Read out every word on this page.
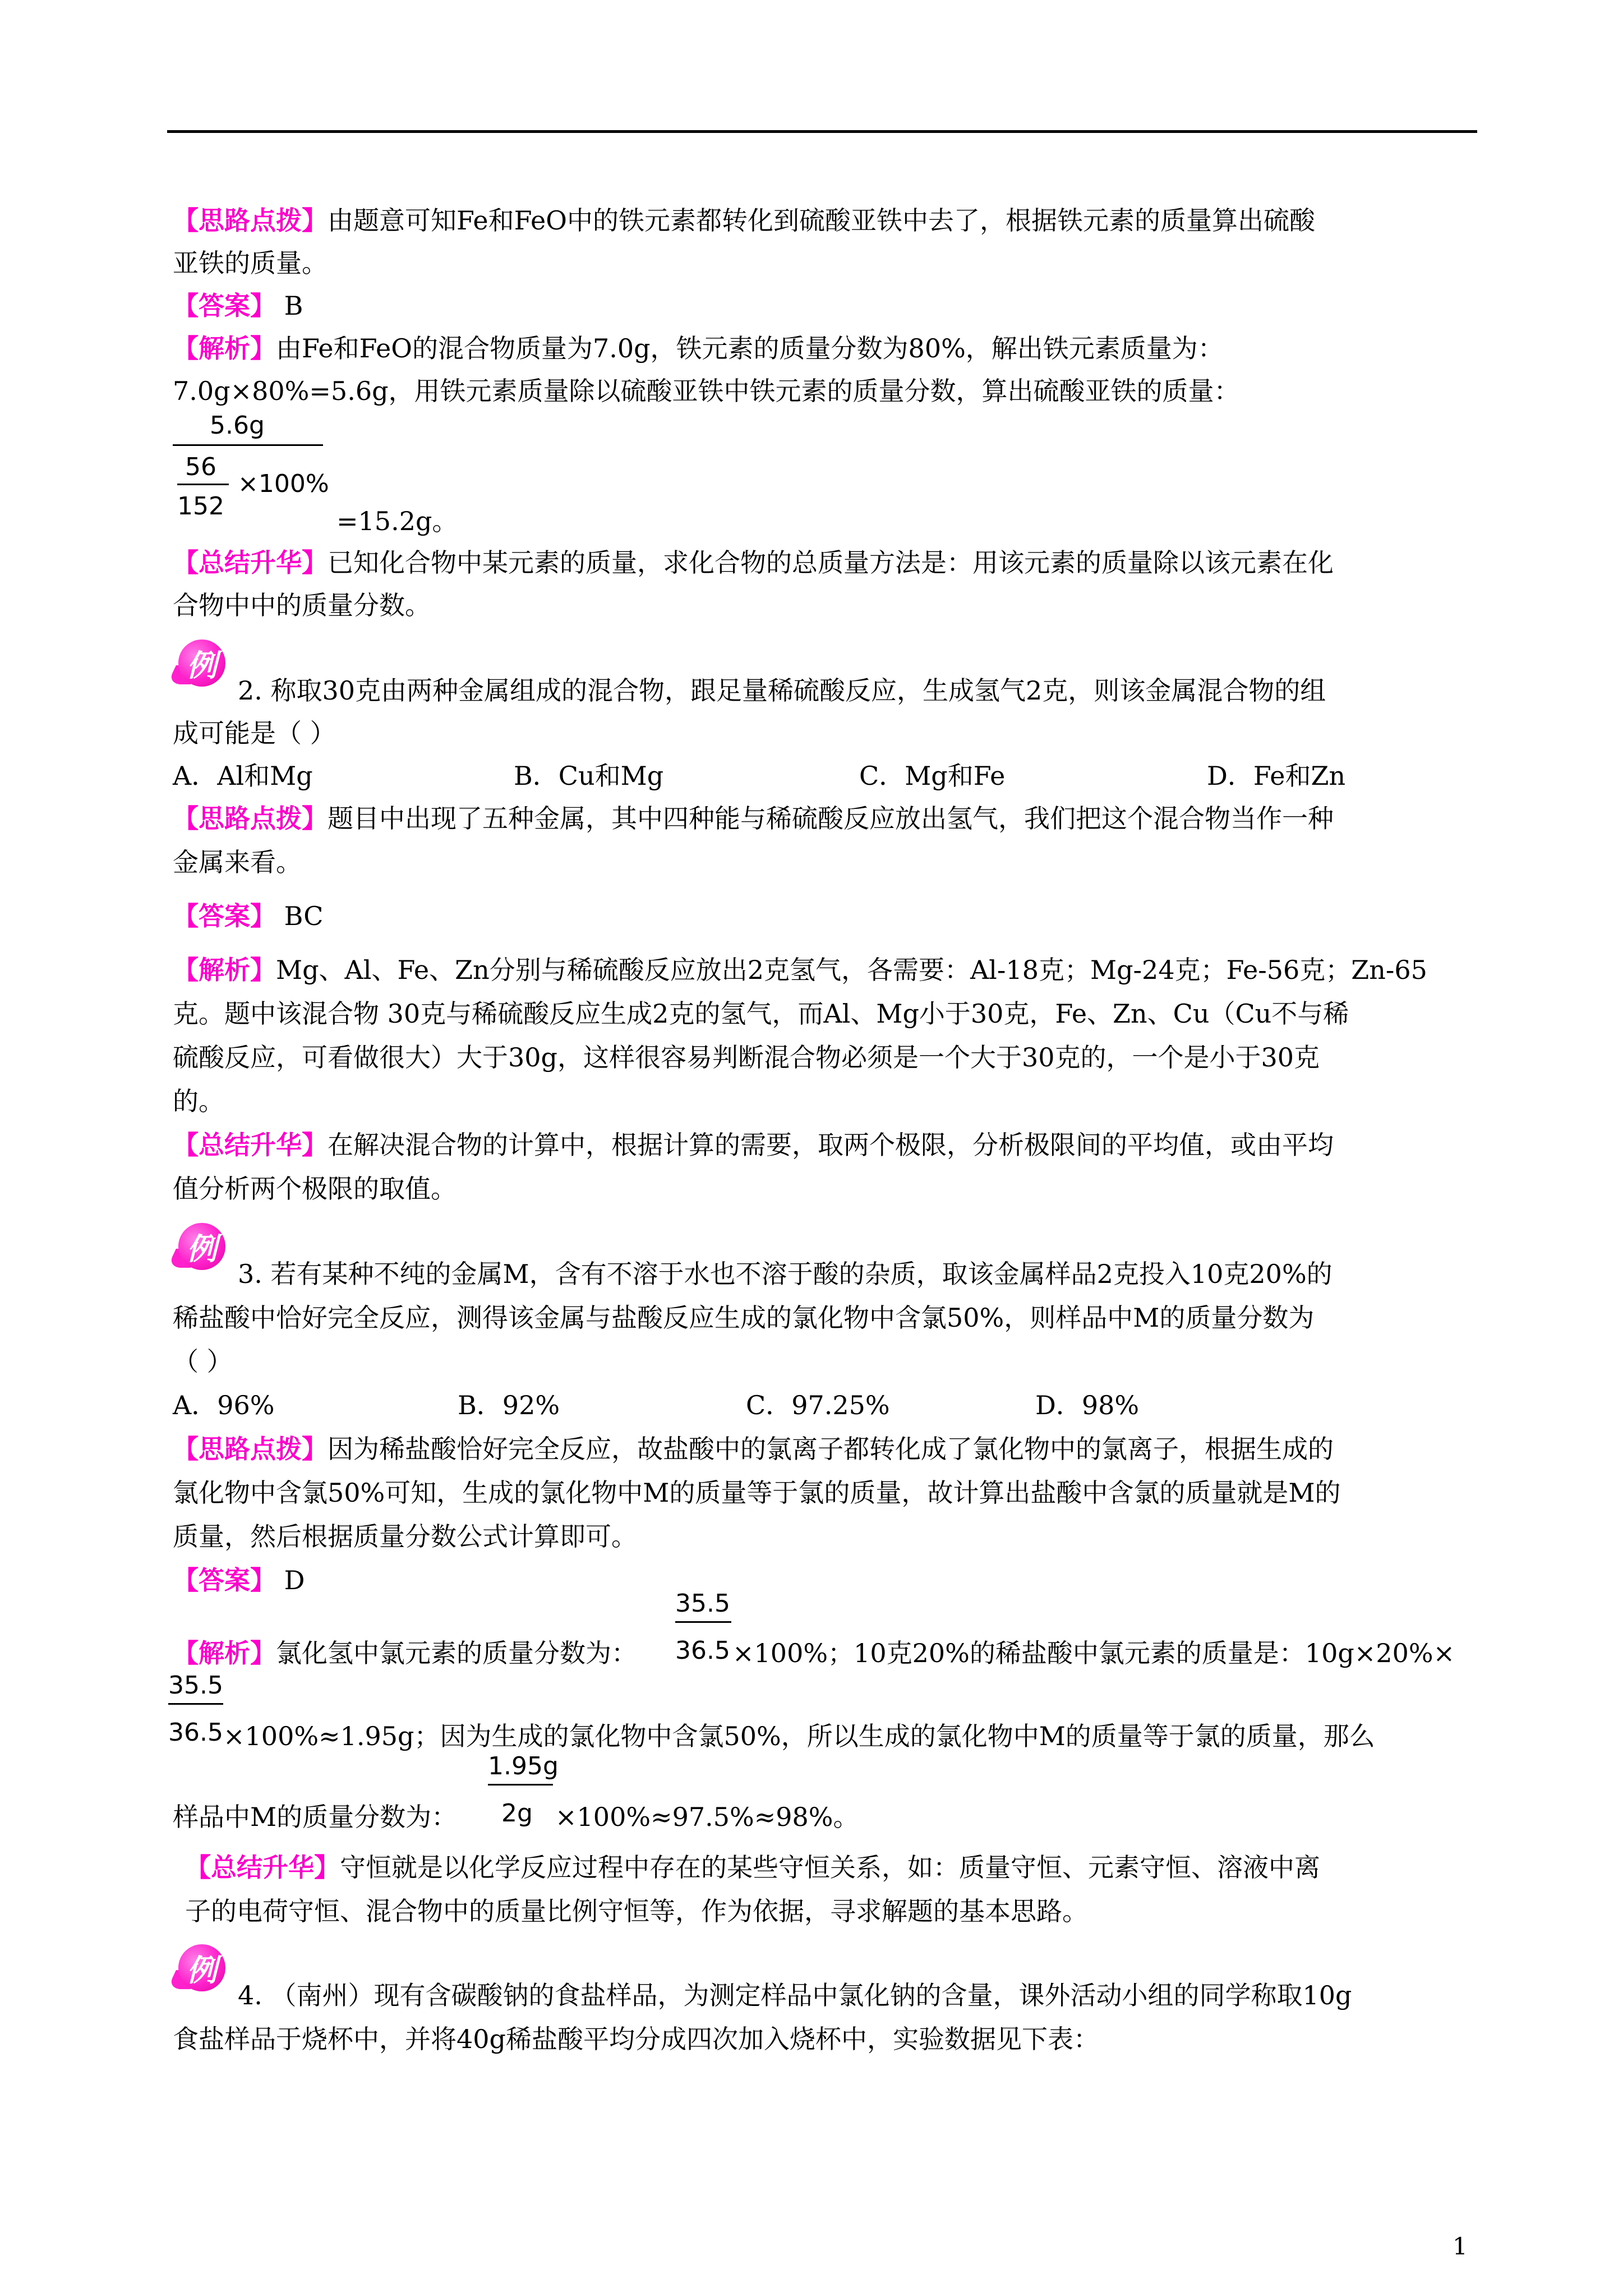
【思路点拨】由题意可知Fe和FeO中的铁元素都转化到硫酸亚铁中去了，根据铁元素的质量算出硫酸
亚铁的质量。
【答案】 B
【解析】由Fe和FeO的混合物质量为7.0g，铁元素的质量分数为80%，解出铁元素质量为：
7.0g×80%=5.6g，用铁元素质量除以硫酸亚铁中铁元素的质量分数，算出硫酸亚铁的质量：
5.6g
56
152
×100%
=15.2g。
【总结升华】已知化合物中某元素的质量，求化合物的总质量方法是：用该元素的质量除以该元素在化
合物中中的质量分数。
例
2. 称取30克由两种金属组成的混合物，跟足量稀硫酸反应，生成氢气2克，则该金属混合物的组
成可能是（ ）
A．Al和Mg	B．Cu和Mg	C．Mg和Fe	D．Fe和Zn
【思路点拨】题目中出现了五种金属，其中四种能与稀硫酸反应放出氢气，我们把这个混合物当作一种
金属来看。
【答案】 BC
【解析】Mg、Al、Fe、Zn分别与稀硫酸反应放出2克氢气，各需要：Al-18克；Mg-24克；Fe-56克；Zn-65
克。题中该混合物 30克与稀硫酸反应生成2克的氢气，而Al、Mg小于30克，Fe、Zn、Cu（Cu不与稀
硫酸反应，可看做很大）大于30g，这样很容易判断混合物必须是一个大于30克的，一个是小于30克
的。
【总结升华】在解决混合物的计算中，根据计算的需要，取两个极限，分析极限间的平均值，或由平均
值分析两个极限的取值。
例
3. 若有某种不纯的金属M，含有不溶于水也不溶于酸的杂质，取该金属样品2克投入10克20%的
稀盐酸中恰好完全反应，测得该金属与盐酸反应生成的氯化物中含氯50%，则样品中M的质量分数为
（ ）
A．96%	B．92%	C．97.25%	D．98%
【思路点拨】因为稀盐酸恰好完全反应，故盐酸中的氯离子都转化成了氯化物中的氯离子，根据生成的
氯化物中含氯50%可知，生成的氯化物中M的质量等于氯的质量，故计算出盐酸中含氯的质量就是M的
质量，然后根据质量分数公式计算即可。
【答案】 D
【解析】氯化氢中氯元素的质量分数为：
35.5
36.5 ×100%；10克20%的稀盐酸中氯元素的质量是：10g×20%×
35.5
36.5 ×100%≈1.95g；因为生成的氯化物中含氯50%，所以生成的氯化物中M的质量等于氯的质量，那么
样品中M的质量分数为：
1.95g
2g ×100%≈97.5%≈98%。
【总结升华】守恒就是以化学反应过程中存在的某些守恒关系，如：质量守恒、元素守恒、溶液中离
子的电荷守恒、混合物中的质量比例守恒等，作为依据，寻求解题的基本思路。
例
4. （南州）现有含碳酸钠的食盐样品，为测定样品中氯化钠的含量，课外活动小组的同学称取10g
食盐样品于烧杯中，并将40g稀盐酸平均分成四次加入烧杯中，实验数据见下表：
1
